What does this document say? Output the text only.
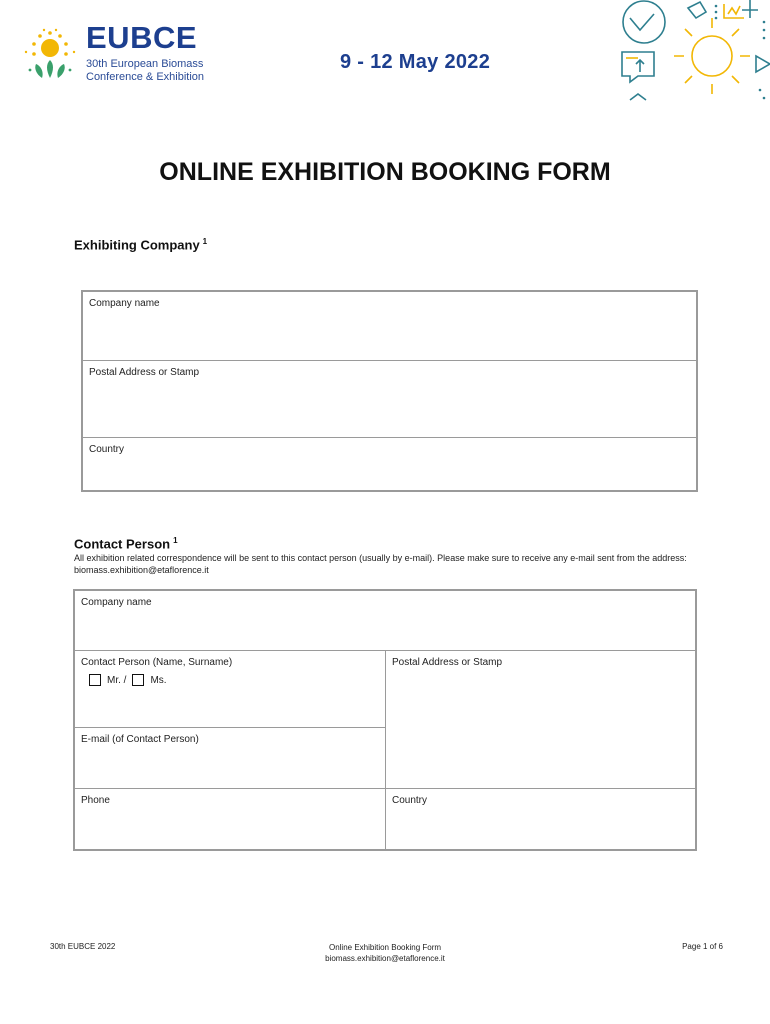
EUBCE
30th European Biomass
Conference & Exhibition
9 - 12 May 2022
ONLINE EXHIBITION BOOKING FORM
Exhibiting Company $^1$
Company name
Postal Address or Stamp
Country
Contact Person $^1$
All exhibition related correspondence will be sent to this contact person (usually by e-mail). Please make sure to receive any e-mail sent from the address: biomass.exhibition@etaflorence.it
Company name
Contact Person (Name, Surname)
Mr. / Ms.
E-mail (of Contact Person)
Postal Address or Stamp
Phone	Country
30th EUBCE 2022	Online Exhibition Booking Form
biomass.exhibition@etaflorence.it
Page 1 of 6
